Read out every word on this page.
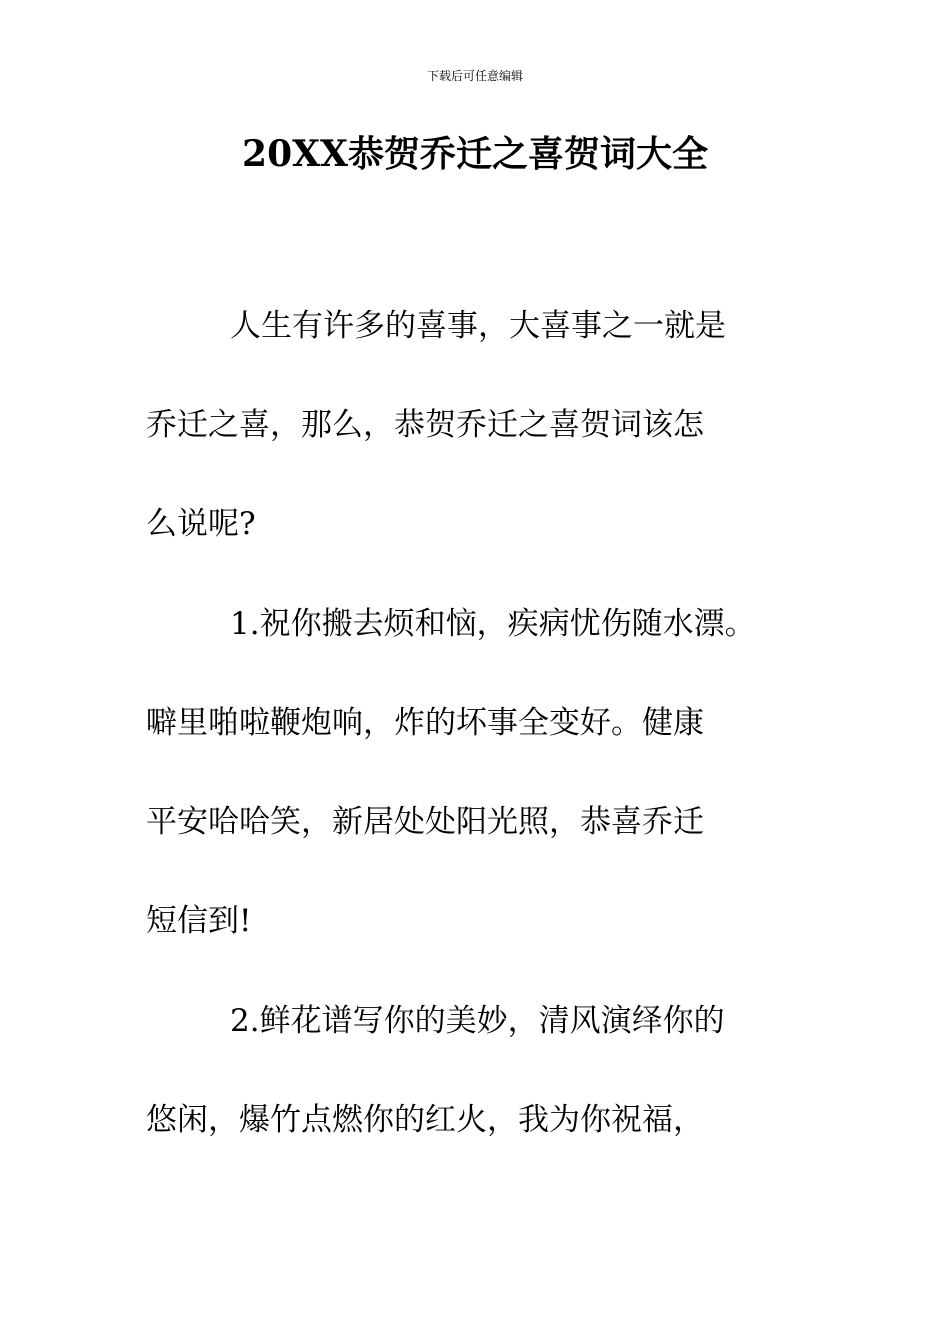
下载后可任意编辑
20XX恭贺乔迁之喜贺词大全
人生有许多的喜事，大喜事之一就是
乔迁之喜，那么，恭贺乔迁之喜贺词该怎
么说呢?
1.祝你搬去烦和恼，疾病忧伤随水漂。
噼里啪啦鞭炮响，炸的坏事全变好。健康
平安哈哈笑，新居处处阳光照，恭喜乔迁
短信到!
2.鲜花谱写你的美妙，清风演绎你的
悠闲，爆竹点燃你的红火，我为你祝福，
